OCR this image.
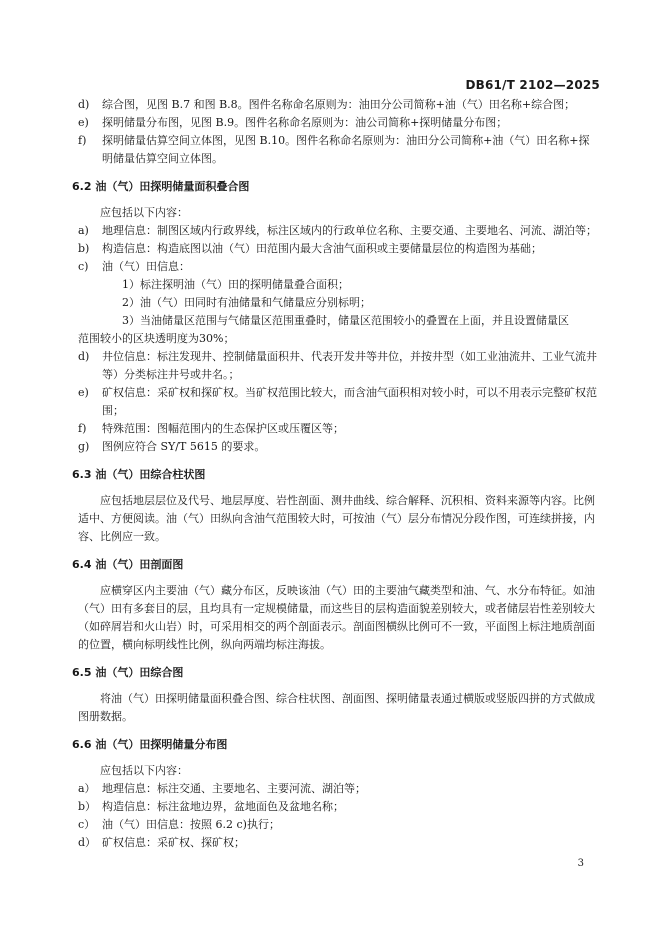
DB61/T 2102—2025
d)	综合图，见图 B.7 和图 B.8。图件名称命名原则为：油田分公司简称+油（气）田名称+综合图；
e)	探明储量分布图，见图 B.9。图件名称命名原则为：油公司简称+探明储量分布图；
f)	探明储量估算空间立体图，见图 B.10。图件名称命名原则为：油田分公司简称+油（气）田名称+探明储量估算空间立体图。
6.2 油（气）田探明储量面积叠合图
应包括以下内容：
a)	地理信息：制图区域内行政界线，标注区域内的行政单位名称、主要交通、主要地名、河流、湖泊等；
b)	构造信息：构造底图以油（气）田范围内最大含油气面积或主要储量层位的构造图为基础；
c)	油（气）田信息：
1）标注探明油（气）田的探明储量叠合面积；
2）油（气）田同时有油储量和气储量应分别标明；
3）当油储量区范围与气储量区范围重叠时，储量区范围较小的叠置在上面，并且设置储量区
范围较小的区块透明度为30%；
d)	井位信息：标注发现井、控制储量面积井、代表开发井等井位，并按井型（如工业油流井、工业气流井等）分类标注井号或井名。；
e)	矿权信息：采矿权和探矿权。当矿权范围比较大，而含油气面积相对较小时，可以不用表示完整矿权范围；
f)	特殊范围：图幅范围内的生态保护区或压覆区等；
g)	图例应符合 SY/T 5615 的要求。
6.3 油（气）田综合柱状图
应包括地层层位及代号、地层厚度、岩性剖面、测井曲线、综合解释、沉积相、资料来源等内容。比例适中、方便阅读。油（气）田纵向含油气范围较大时，可按油（气）层分布情况分段作图，可连续拼接，内容、比例应一致。
6.4 油（气）田剖面图
应横穿区内主要油（气）藏分布区，反映该油（气）田的主要油气藏类型和油、气、水分布特征。如油（气）田有多套目的层，且均具有一定规模储量，而这些目的层构造面貌差别较大，或者储层岩性差别较大（如碎屑岩和火山岩）时，可采用相交的两个剖面表示。剖面图横纵比例可不一致，平面图上标注地质剖面的位置，横向标明线性比例，纵向两端均标注海拔。
6.5 油（气）田综合图
将油（气）田探明储量面积叠合图、综合柱状图、剖面图、探明储量表通过横版或竖版四拼的方式做成图册数据。
6.6 油（气）田探明储量分布图
应包括以下内容：
a） 地理信息：标注交通、主要地名、主要河流、湖泊等；
b） 构造信息：标注盆地边界，盆地面色及盆地名称；
c） 油（气）田信息：按照 6.2 c)执行；
d） 矿权信息：采矿权、探矿权；
3
